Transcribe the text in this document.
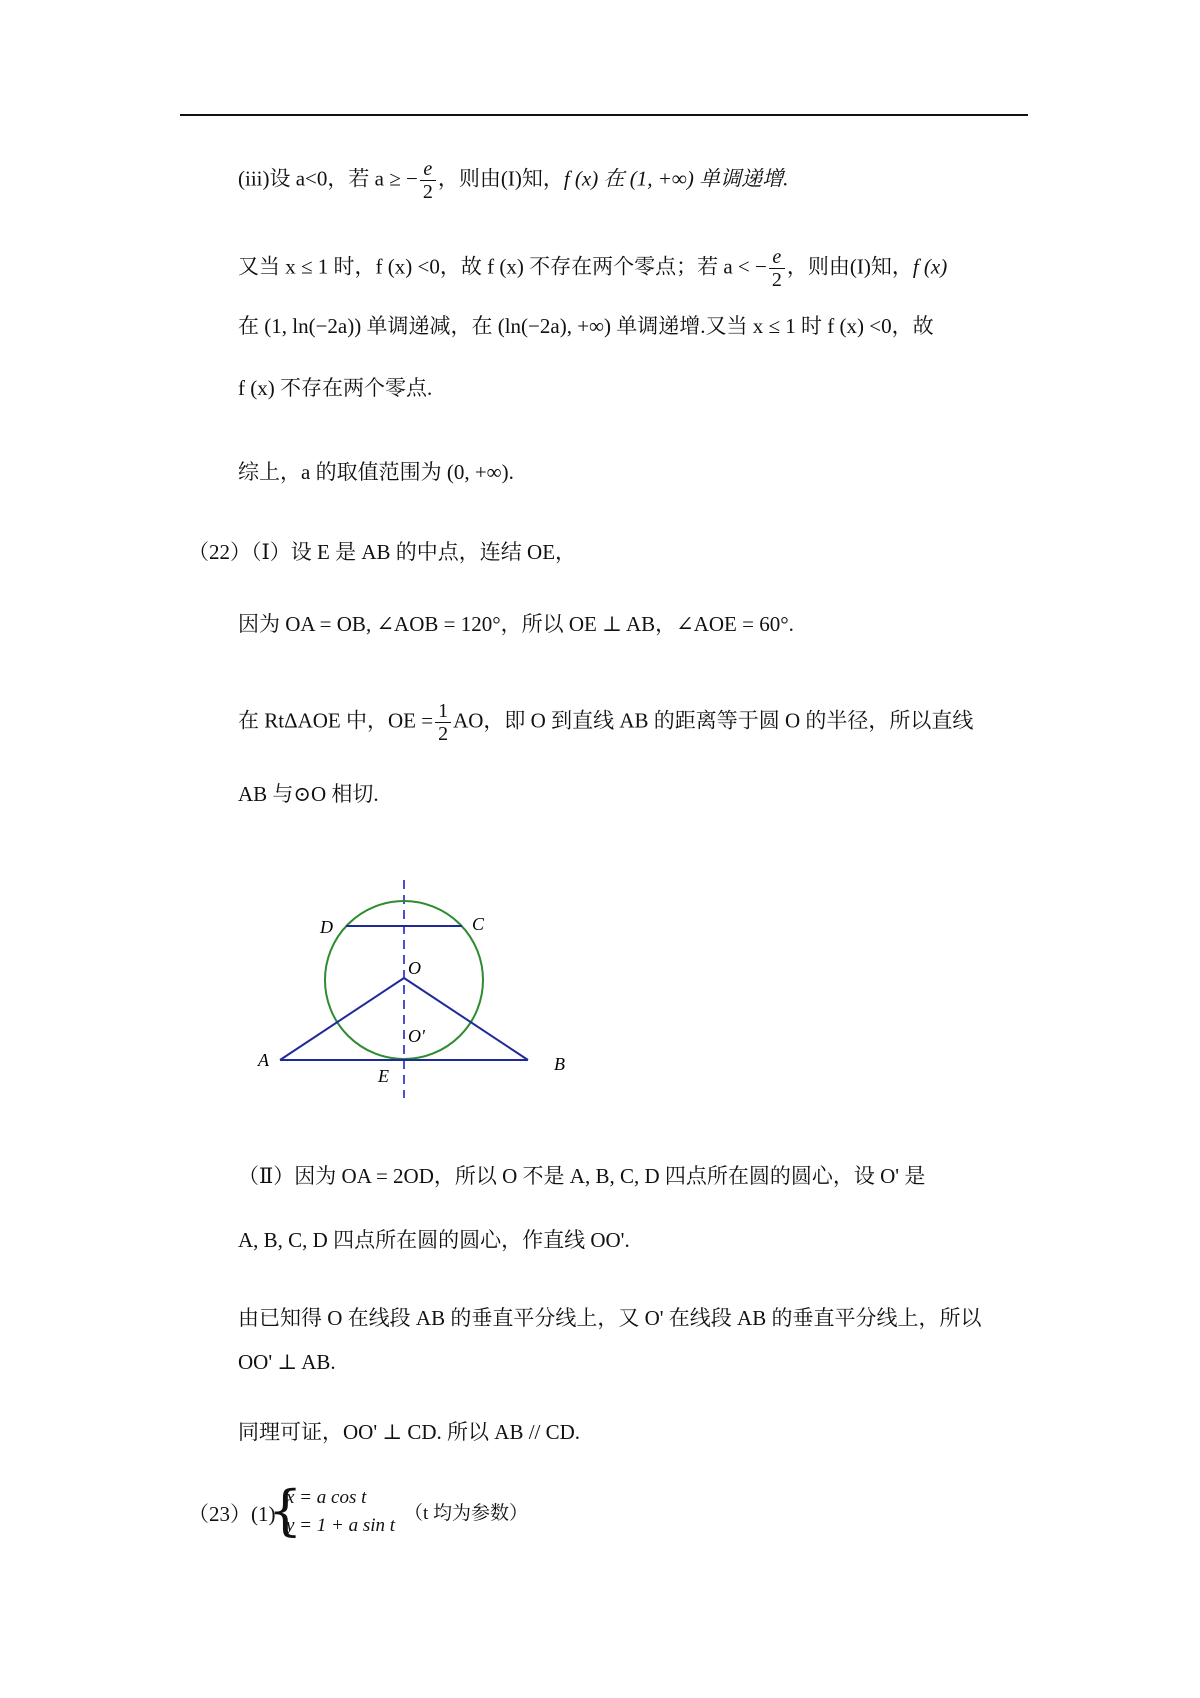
(iii)设 a<0，若 a ≥ − $\frac{e}{2}$ ，则由(I)知，f (x) 在 (1, +∞) 单调递增.
又当 x ≤ 1 时，f (x) <0，故 f (x) 不存在两个零点；若 a < − $\frac{e}{2}$ ，则由(I)知，f (x)
在 (1, ln(−2a)) 单调递减，在 (ln(−2a), +∞) 单调递增.又当 x ≤ 1 时 f (x) <0，故
f (x) 不存在两个零点.
综上，a 的取值范围为 (0, +∞).
（22）（Ⅰ）设 E 是 AB 的中点，连结 OE，
因为 OA = OB, ∠AOB = 120°，所以 OE ⊥ AB，∠AOE = 60°.
在 RtΔAOE 中，OE = $\frac{1}{2}$ AO，即 O 到直线 AB 的距离等于圆 O 的半径，所以直线
AB 与⊙O 相切.
D	C
O
O'
A	B
E
（Ⅱ）因为 OA = 2OD，所以 O 不是 A, B, C, D 四点所在圆的圆心，设 O' 是
A, B, C, D 四点所在圆的圆心，作直线 OO'.
由已知得 O 在线段 AB 的垂直平分线上，又 O' 在线段 AB 的垂直平分线上，所以
OO' ⊥ AB.
同理可证，OO' ⊥ CD. 所以 AB // CD.
（23）(1)
{
x = a cos t
y = 1 + a sin t
（t 均为参数）
